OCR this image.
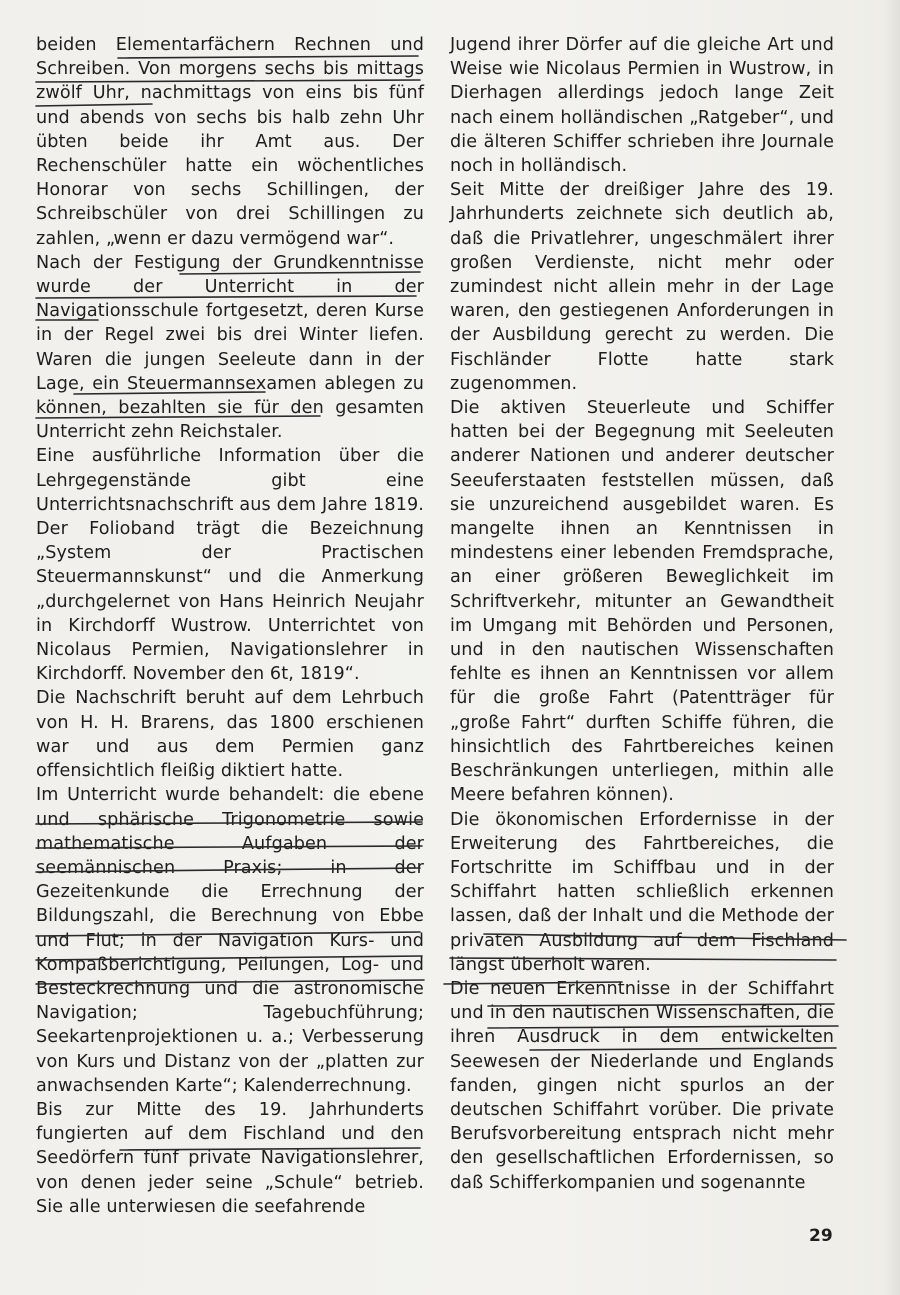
beiden Elementarfächern Rechnen und Schreiben. Von morgens sechs bis mittags zwölf Uhr, nachmittags von eins bis fünf und abends von sechs bis halb zehn Uhr übten beide ihr Amt aus. Der Rechenschüler hatte ein wöchentliches Honorar von sechs Schillingen, der Schreibschüler von drei Schillingen zu zahlen, „wenn er dazu vermögend war“.

Nach der Festigung der Grundkenntnisse wurde der Unterricht in der Navigationsschule fortgesetzt, deren Kurse in der Regel zwei bis drei Winter liefen. Waren die jungen Seeleute dann in der Lage, ein Steuermannsexamen ablegen zu können, bezahlten sie für den gesamten Unterricht zehn Reichstaler.

Eine ausführliche Information über die Lehrgegenstände gibt eine Unterrichtsnachschrift aus dem Jahre 1819. Der Folioband trägt die Bezeichnung „System der Practischen Steuermannskunst“ und die Anmerkung „durchgelernet von Hans Heinrich Neujahr in Kirchdorff Wustrow. Unterrichtet von Nicolaus Permien, Navigationslehrer in Kirchdorff. November den 6t, 1819“.

Die Nachschrift beruht auf dem Lehrbuch von H. H. Brarens, das 1800 erschienen war und aus dem Permien ganz offensichtlich fleißig diktiert hatte.

Im Unterricht wurde behandelt: die ebene und sphärische Trigonometrie sowie mathematische Aufgaben der seemännischen Praxis; in der Gezeitenkunde die Errechnung der Bildungszahl, die Berechnung von Ebbe und Flut; in der Navigation Kurs- und Kompaßberichtigung, Peilungen, Log- und Besteckrechnung und die astronomische Navigation; Tagebuchführung; Seekartenprojektionen u. a.; Verbesserung von Kurs und Distanz von der „platten zur anwachsenden Karte“; Kalenderrechnung.

Bis zur Mitte des 19. Jahrhunderts fungierten auf dem Fischland und den Seedörfern fünf private Navigationslehrer, von denen jeder seine „Schule“ betrieb. Sie alle unterwiesen die seefahrende

Jugend ihrer Dörfer auf die gleiche Art und Weise wie Nicolaus Permien in Wustrow, in Dierhagen allerdings jedoch lange Zeit nach einem holländischen „Ratgeber“, und die älteren Schiffer schrieben ihre Journale noch in holländisch.

Seit Mitte der dreißiger Jahre des 19. Jahrhunderts zeichnete sich deutlich ab, daß die Privatlehrer, ungeschmälert ihrer großen Verdienste, nicht mehr oder zumindest nicht allein mehr in der Lage waren, den gestiegenen Anforderungen in der Ausbildung gerecht zu werden. Die Fischländer Flotte hatte stark zugenommen.

Die aktiven Steuerleute und Schiffer hatten bei der Begegnung mit Seeleuten anderer Nationen und anderer deutscher Seeuferstaaten feststellen müssen, daß sie unzureichend ausgebildet waren. Es mangelte ihnen an Kenntnissen in mindestens einer lebenden Fremdsprache, an einer größeren Beweglichkeit im Schriftverkehr, mitunter an Gewandtheit im Umgang mit Behörden und Personen, und in den nautischen Wissenschaften fehlte es ihnen an Kenntnissen vor allem für die große Fahrt (Patentträger für „große Fahrt“ durften Schiffe führen, die hinsichtlich des Fahrtbereiches keinen Beschränkungen unterliegen, mithin alle Meere befahren können).

Die ökonomischen Erfordernisse in der Erweiterung des Fahrtbereiches, die Fortschritte im Schiffbau und in der Schiffahrt hatten schließlich erkennen lassen, daß der Inhalt und die Methode der privaten Ausbildung auf dem Fischland längst überholt waren.

Die neuen Erkenntnisse in der Schiffahrt und in den nautischen Wissenschaften, die ihren Ausdruck in dem entwickelten Seewesen der Niederlande und Englands fanden, gingen nicht spurlos an der deutschen Schiffahrt vorüber. Die private Berufsvorbereitung entsprach nicht mehr den gesellschaftlichen Erfordernissen, so daß Schifferkompanien und sogenannte

29
